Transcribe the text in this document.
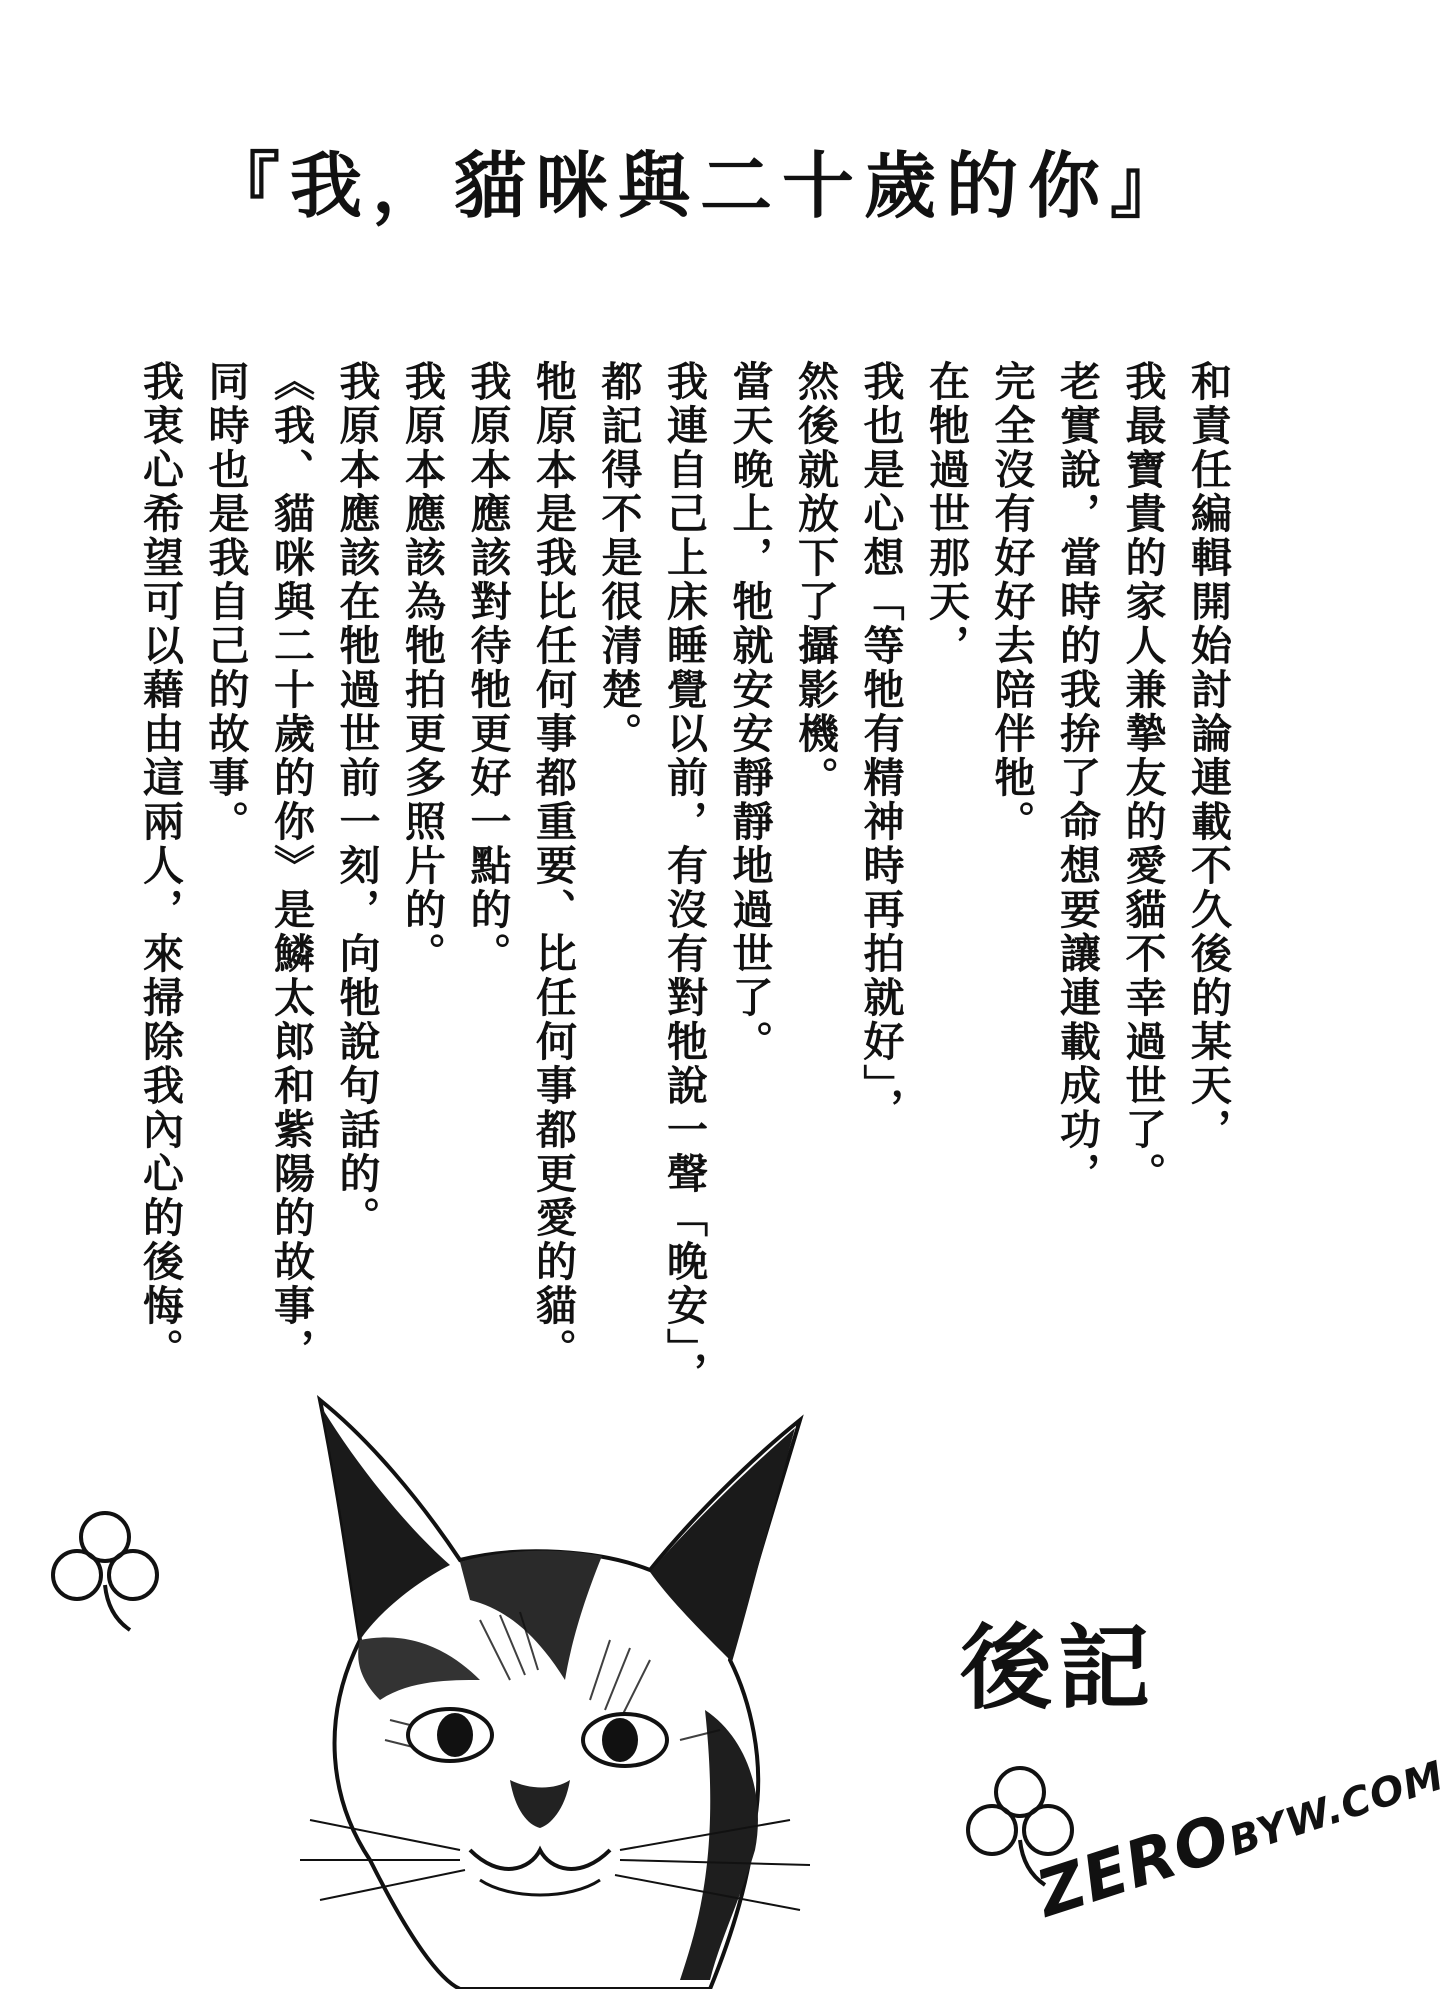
『我，貓咪與二十歲的你』
和責任編輯開始討論連載不久後的某天，
我最寶貴的家人兼摯友的愛貓不幸過世了。
老實說，當時的我拚了命想要讓連載成功，
完全沒有好好去陪伴牠。
在牠過世那天，
我也是心想「等牠有精神時再拍就好」，
然後就放下了攝影機。
當天晚上，牠就安安靜靜地過世了。
我連自己上床睡覺以前，有沒有對牠說一聲「晚安」，
都記得不是很清楚。
牠原本是我比任何事都重要、比任何事都更愛的貓。
我原本應該對待牠更好一點的。
我原本應該為牠拍更多照片的。
我原本應該在牠過世前一刻，向牠說句話的。
《我、貓咪與二十歲的你》是鱗太郎和紫陽的故事，
同時也是我自己的故事。
我衷心希望可以藉由這兩人，來掃除我內心的後悔。
後記
ZEROBYW.COM
